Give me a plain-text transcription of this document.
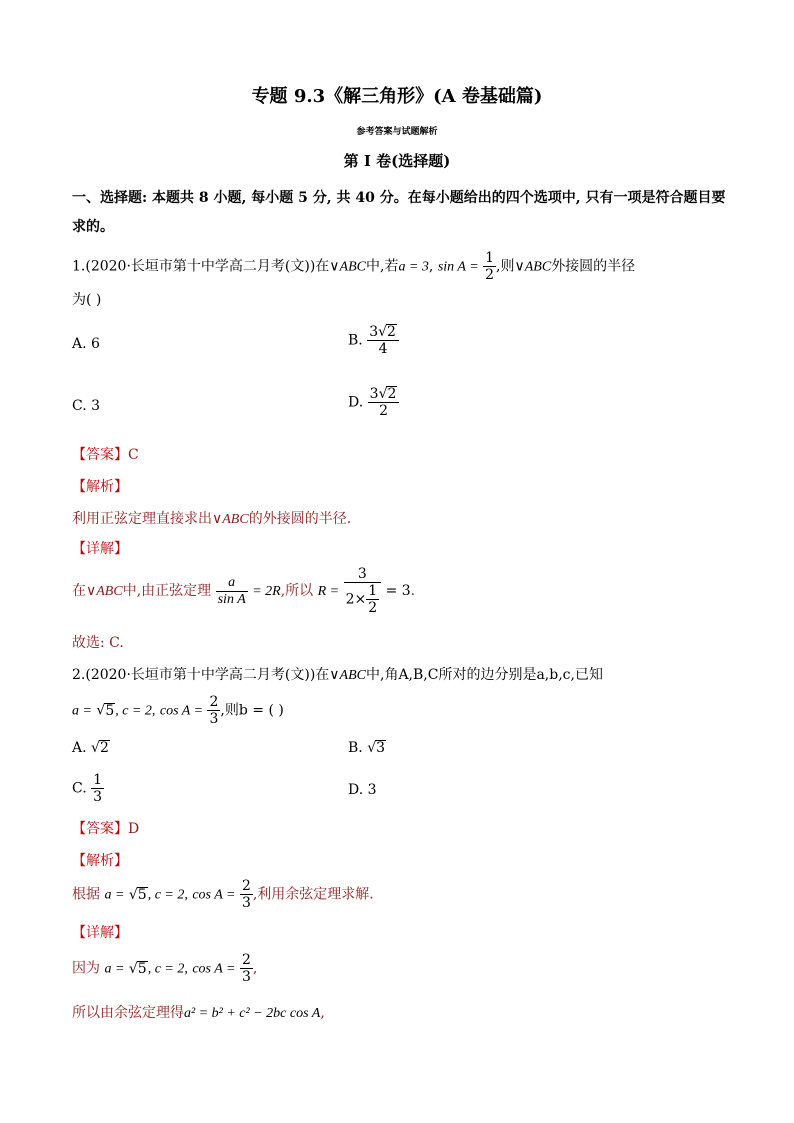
专题 9.3《解三角形》(A 卷基础篇)
参考答案与试题解析
第 I 卷(选择题)
一、选择题: 本题共 8 小题, 每小题 5 分, 共 40 分。在每小题给出的四个选项中, 只有一项是符合题目要求的。
1.(2020·长垣市第十中学高二月考(文))在∨ABC中,若a = 3, $\sin A = \frac{1}{2}$ ,则∨ABC外接圆的半径
为( )
A. 6	B. $\frac{3√2}{4}$
C. 3	D. $\frac{3√2}{2}$
【答案】C
【解析】
利用正弦定理直接求出∨ABC的外接圆的半径.
【详解】
在∨ABC中,由正弦定理 $\frac{a}{\text{sin A}} = 2R$,所以 $R = \frac{3}{2\times \frac{1}{2}} = 3$.
故选: C.
2.(2020·长垣市第十中学高二月考(文))在∨ABC中,角A,B,C所对的边分别是a,b,c,已知
a = √5, c = 2, $\cos A = \frac{2}{3}$ ,则b = ( )
A. √2	B. √3
C. $\frac{1}{3}$	D. 3
【答案】D
【解析】
根据 a = √5, c = 2, $\cos A = \frac{2}{3}$ ,利用余弦定理求解.
【详解】
因为 a = √5, c = 2, $\cos A = \frac{2}{3}$ ,
所以由余弦定理得a² = b² + c² − 2bc cos A,
